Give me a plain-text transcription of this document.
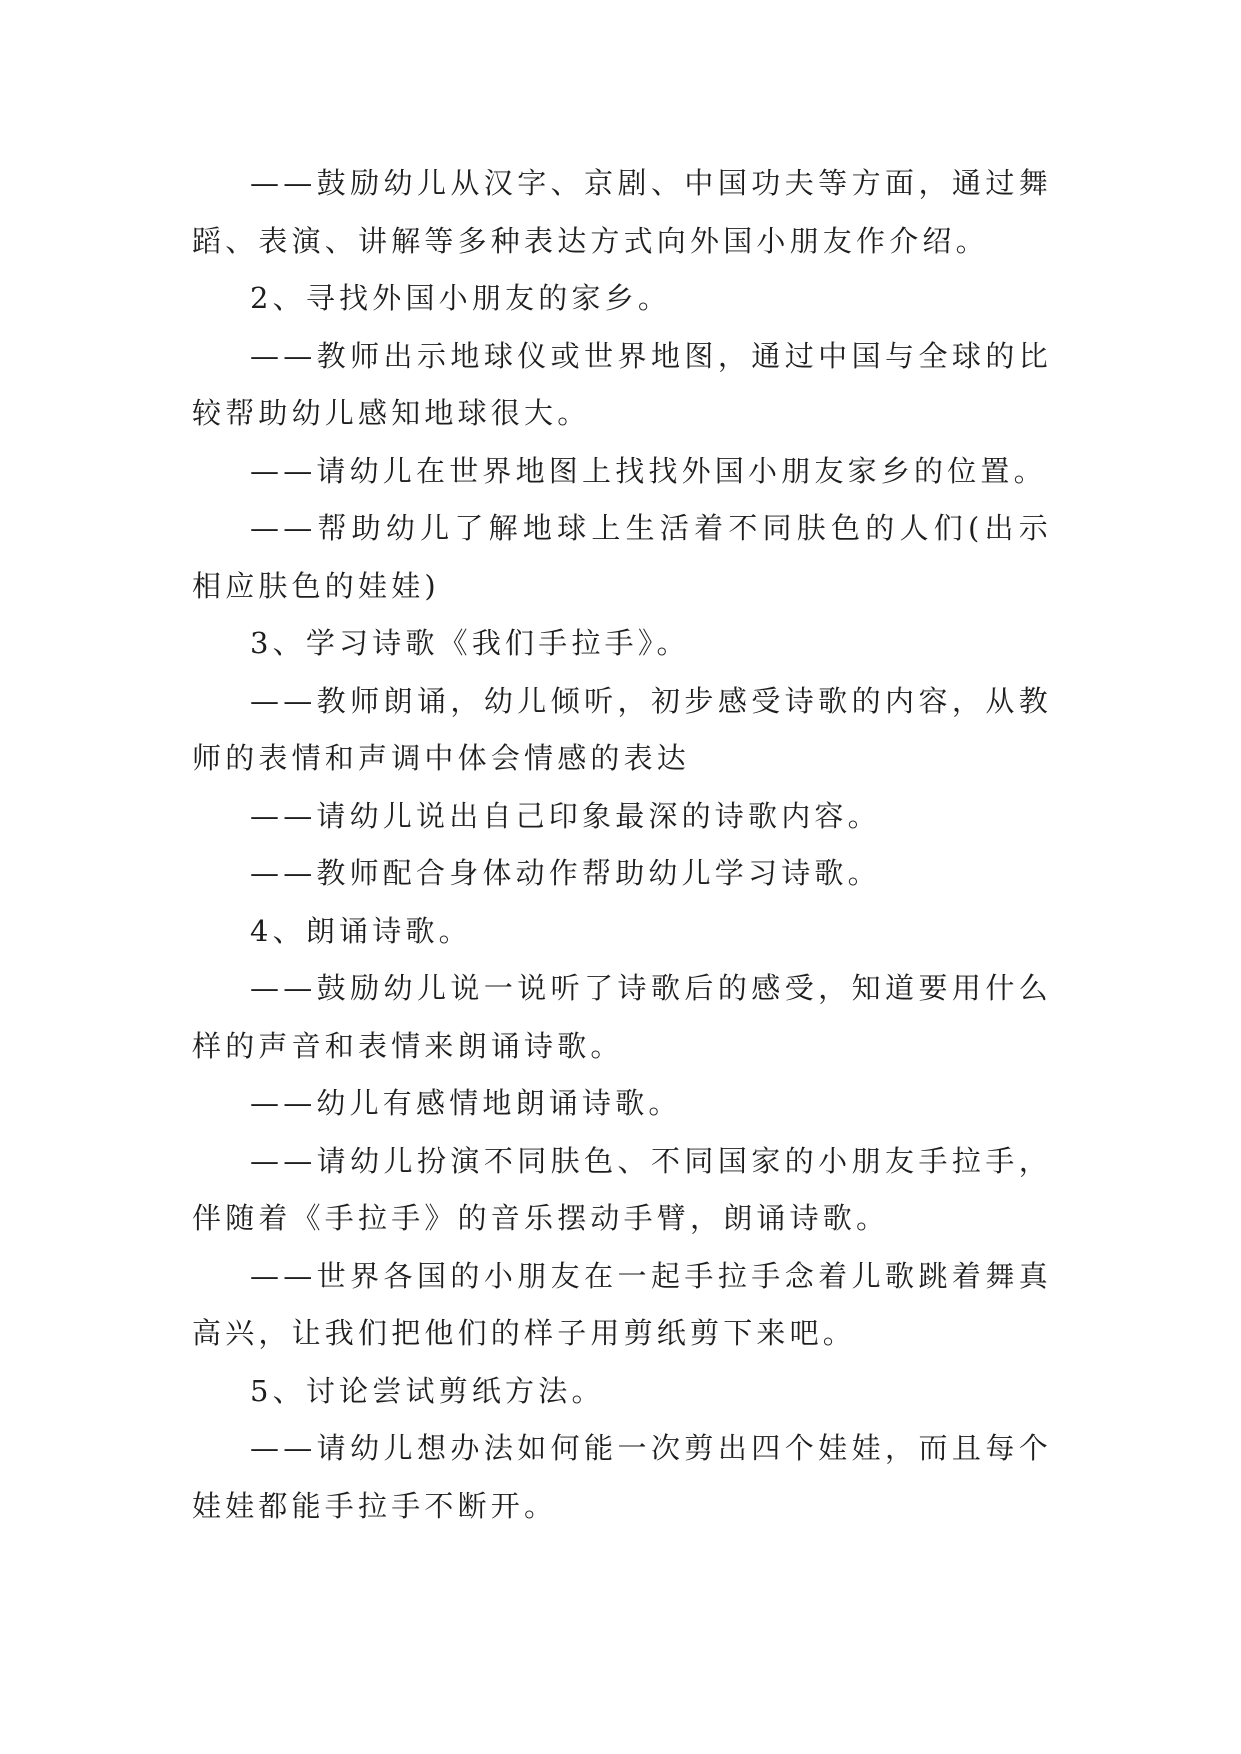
——鼓励幼儿从汉字、京剧、中国功夫等方面，通过舞蹈、表演、讲解等多种表达方式向外国小朋友作介绍。

2、寻找外国小朋友的家乡。

——教师出示地球仪或世界地图，通过中国与全球的比较帮助幼儿感知地球很大。

——请幼儿在世界地图上找找外国小朋友家乡的位置。

——帮助幼儿了解地球上生活着不同肤色的人们(出示相应肤色的娃娃)

3、学习诗歌《我们手拉手》。

——教师朗诵，幼儿倾听，初步感受诗歌的内容，从教师的表情和声调中体会情感的表达

——请幼儿说出自己印象最深的诗歌内容。

——教师配合身体动作帮助幼儿学习诗歌。

4、朗诵诗歌。

——鼓励幼儿说一说听了诗歌后的感受，知道要用什么样的声音和表情来朗诵诗歌。

——幼儿有感情地朗诵诗歌。

——请幼儿扮演不同肤色、不同国家的小朋友手拉手，伴随着《手拉手》的音乐摆动手臂，朗诵诗歌。

——世界各国的小朋友在一起手拉手念着儿歌跳着舞真高兴，让我们把他们的样子用剪纸剪下来吧。

5、讨论尝试剪纸方法。

——请幼儿想办法如何能一次剪出四个娃娃，而且每个娃娃都能手拉手不断开。
